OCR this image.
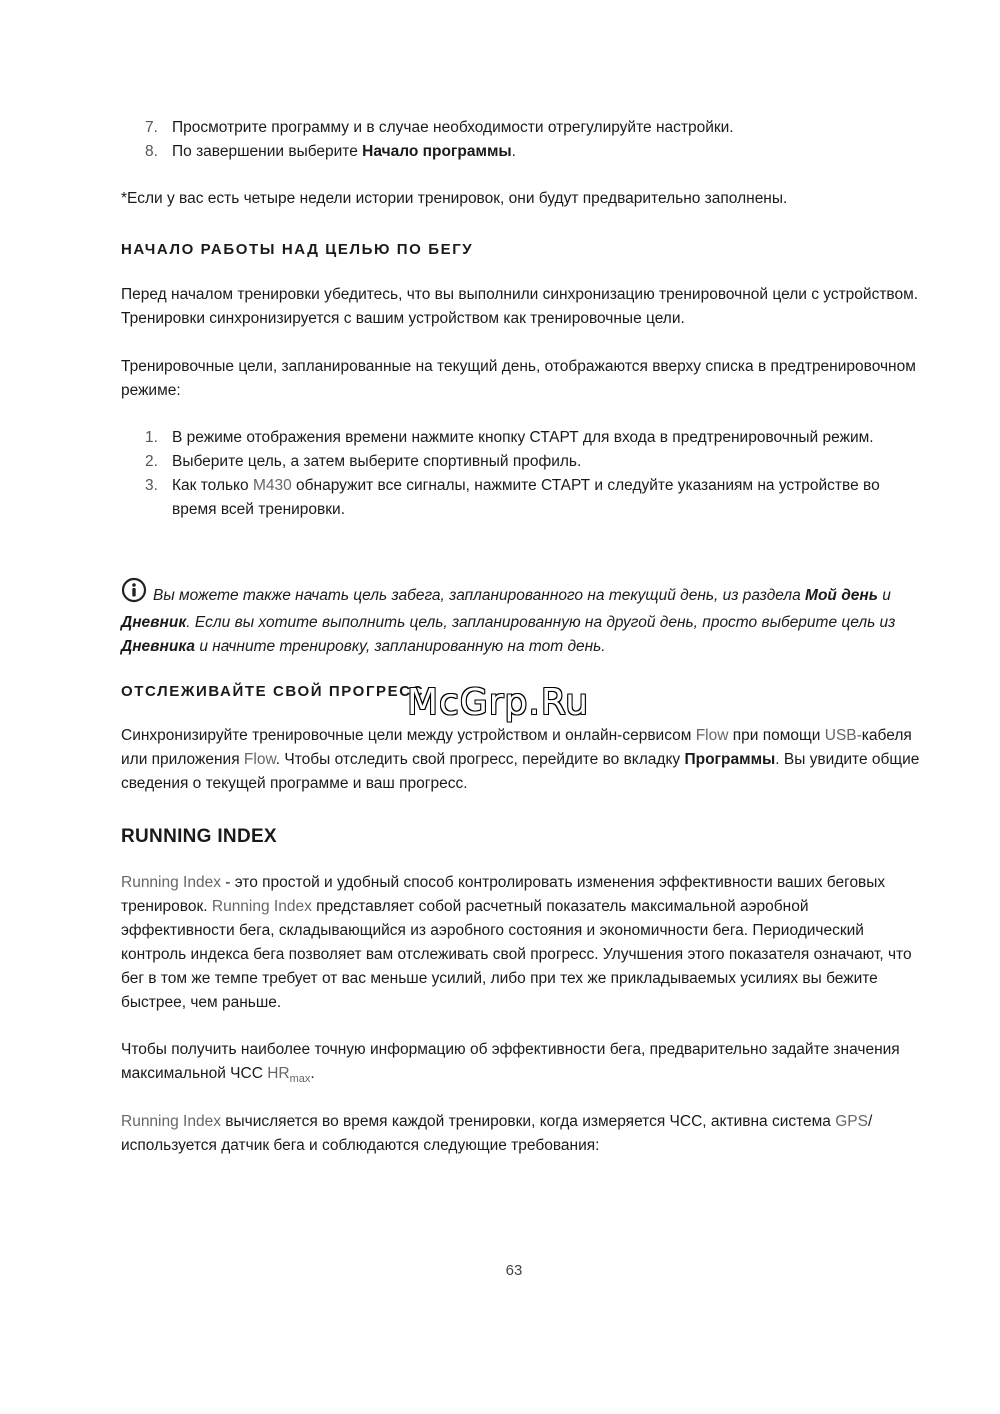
7. Просмотрите программу и в случае необходимости отрегулируйте настройки.
8. По завершении выберите Начало программы.

*Если у вас есть четыре недели истории тренировок, они будут предварительно заполнены.

НАЧАЛО РАБОТЫ НАД ЦЕЛЬЮ ПО БЕГУ

Перед началом тренировки убедитесь, что вы выполнили синхронизацию тренировочной цели с устройством. Тренировки синхронизируется с вашим устройством как тренировочные цели.

Тренировочные цели, запланированные на текущий день, отображаются вверху списка в предтренировочном режиме:

1. В режиме отображения времени нажмите кнопку СТАРТ для входа в предтренировочный режим.
2. Выберите цель, а затем выберите спортивный профиль.
3. Как только M430 обнаружит все сигналы, нажмите СТАРТ и следуйте указаниям на устройстве во время всей тренировки.
Вы можете также начать цель забега, запланированного на текущий день, из раздела Мой день и Дневник. Если вы хотите выполнить цель, запланированную на другой день, просто выберите цель из Дневника и начните тренировку, запланированную на тот день.
ОТСЛЕЖИВАЙТЕ СВОЙ ПРОГРЕСС
McGrp.Ru

Синхронизируйте тренировочные цели между устройством и онлайн-сервисом Flow при помощи USB-кабеля или приложения Flow. Чтобы отследить свой прогресс, перейдите во вкладку Программы. Вы увидите общие сведения о текущей программе и ваш прогресс.

RUNNING INDEX

Running Index - это простой и удобный способ контролировать изменения эффективности ваших беговых тренировок. Running Index представляет собой расчетный показатель максимальной аэробной эффективности бега, складывающийся из аэробного состояния и экономичности бега. Периодический контроль индекса бега позволяет вам отслеживать свой прогресс. Улучшения этого показателя означают, что бег в том же темпе требует от вас меньше усилий, либо при тех же прикладываемых усилиях вы бежите быстрее, чем раньше.

Чтобы получить наиболее точную информацию об эффективности бега, предварительно задайте значения максимальной ЧСС $HR_{max}$.

Running Index вычисляется во время каждой тренировки, когда измеряется ЧСС, активна система GPS/используется датчик бега и соблюдаются следующие требования:

63
